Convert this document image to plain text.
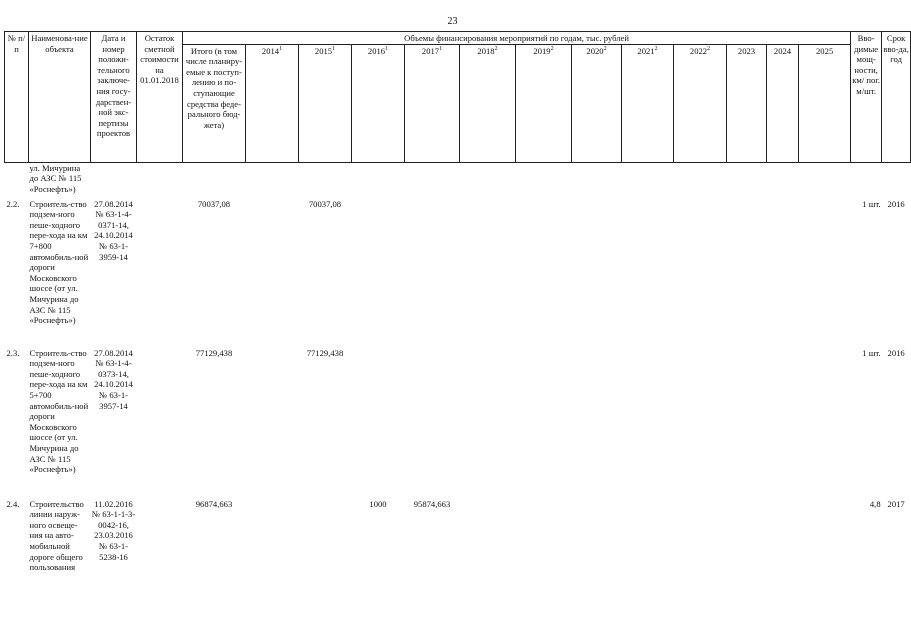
23
№ п/п	Наименова-ние объекта	Дата и номер положи-тельного заключе-ния госу-дарствен-ной экс-пертизы проектов	Остаток сметной стоимости на 01.01.2018	Объемы финансирования мероприятий по годам, тыс. рублей													Вво-димые мощ-ности, км/ пог. м/шт.	Срок вво-да, год
				Итого (в том числе планиру-емые к поступ-лению и по-ступающие средства феде-рального бюд-жета)	2014$^1$	2015$^1$	2016$^1$	2017$^1$	2018$^2$	2019$^2$	2020$^2$	2021$^2$	2022$^2$	2023	2024	2025		
	ул. Мичурина до АЗС № 115 «Роснефть»)																	
2.2.	Строитель-ство подзем-ного пеше-ходного пере-хода на км 7+800 автомобиль-ной дороги Московского шоссе (от ул. Мичурина до АЗС № 115 «Роснефть»)	27.08.2014 № 63-1-4-0371-14, 24.10.2014 № 63-1-3959-14		70037,08		70037,08											1 шт.	2016
2.3.	Строитель-ство подзем-ного пеше-ходного пере-хода на км 5+700 автомобиль-ной дороги Московского шоссе (от ул. Мичурина до АЗС № 115 «Роснефть»)	27.08.2014 № 63-1-4-0373-14, 24.10.2014 № 63-1-3957-14		77129,438		77129,438											1 шт.	2016
2.4.	Строительство линии наруж-ного освеще-ния на авто-мобильной дороге общего пользования	11.02.2016 № 63-1-1-3-0042-16, 23.03.2016 № 63-1-5238-16		96874,663			1000	95874,663									4,8	2017
